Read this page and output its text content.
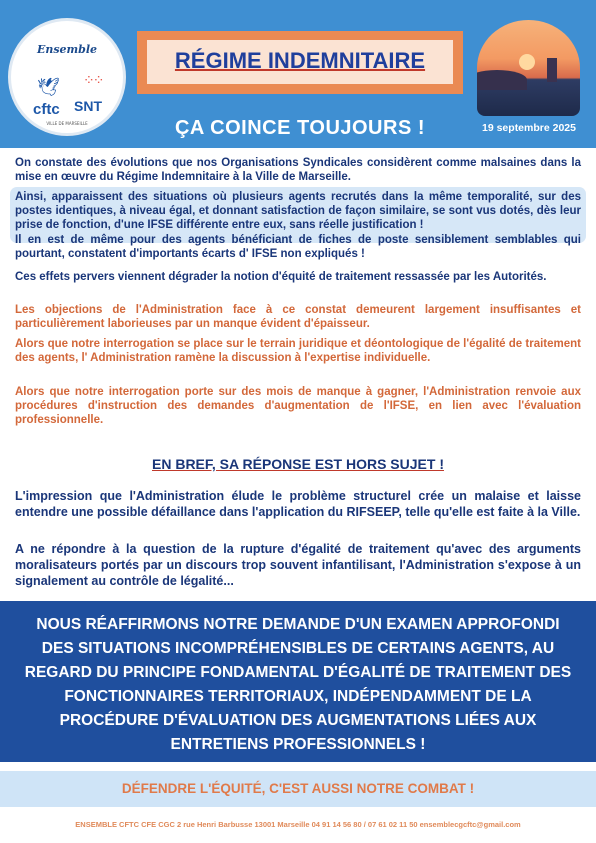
Ensemble
🕊 ⁘⁘
cftc SNT
VILLE DE MARSEILLE
RÉGIME INDEMNITAIRE
ÇA COINCE TOUJOURS !	19 septembre 2025
On constate des évolutions que nos Organisations Syndicales considèrent comme malsaines dans la mise en œuvre du Régime Indemnitaire à la Ville de Marseille.
Ainsi, apparaissent des situations où plusieurs agents recrutés dans la même temporalité, sur des postes identiques, à niveau égal, et donnant satisfaction de façon similaire, se sont vus dotés, dès leur prise de fonction, d'une IFSE différente entre eux, sans réelle justification !
Il en est de même pour des agents bénéficiant de fiches de poste sensiblement semblables qui pourtant, constatent d'importants écarts d' IFSE non expliqués !
Ces effets pervers viennent dégrader la notion d'équité de traitement ressassée par les Autorités.
Les objections de l'Administration face à ce constat demeurent largement insuffisantes et particulièrement laborieuses par un manque évident d'épaisseur.
Alors que notre interrogation se place sur le terrain juridique et déontologique de l'égalité de traitement des agents, l' Administration ramène la discussion à l'expertise individuelle.
Alors que notre interrogation porte sur des mois de manque à gagner, l'Administration renvoie aux procédures d'instruction des demandes d'augmentation de l'IFSE, en lien avec l'évaluation professionnelle.
EN BREF, SA RÉPONSE EST HORS SUJET !
L'impression que l'Administration élude le problème structurel crée un malaise et laisse entendre une possible défaillance dans l'application du RIFSEEP, telle qu'elle est faite à la Ville.
A ne répondre à la question de la rupture d'égalité de traitement qu'avec des arguments moralisateurs portés par un discours trop souvent infantilisant, l'Administration s'expose à un signalement au contrôle de légalité...
NOUS RÉAFFIRMONS NOTRE DEMANDE D'UN EXAMEN APPROFONDI DES SITUATIONS INCOMPRÉHENSIBLES DE CERTAINS AGENTS, AU REGARD DU PRINCIPE FONDAMENTAL D'ÉGALITÉ DE TRAITEMENT DES FONCTIONNAIRES TERRITORIAUX, INDÉPENDAMMENT DE LA PROCÉDURE D'ÉVALUATION DES AUGMENTATIONS LIÉES AUX ENTRETIENS PROFESSIONNELS !
DÉFENDRE L'ÉQUITÉ, C'EST AUSSI NOTRE COMBAT !
ENSEMBLE CFTC CFE CGC 2 rue Henri Barbusse 13001 Marseille 04 91 14 56 80 / 07 61 02 11 50 ensemblecgcftc@gmail.com
